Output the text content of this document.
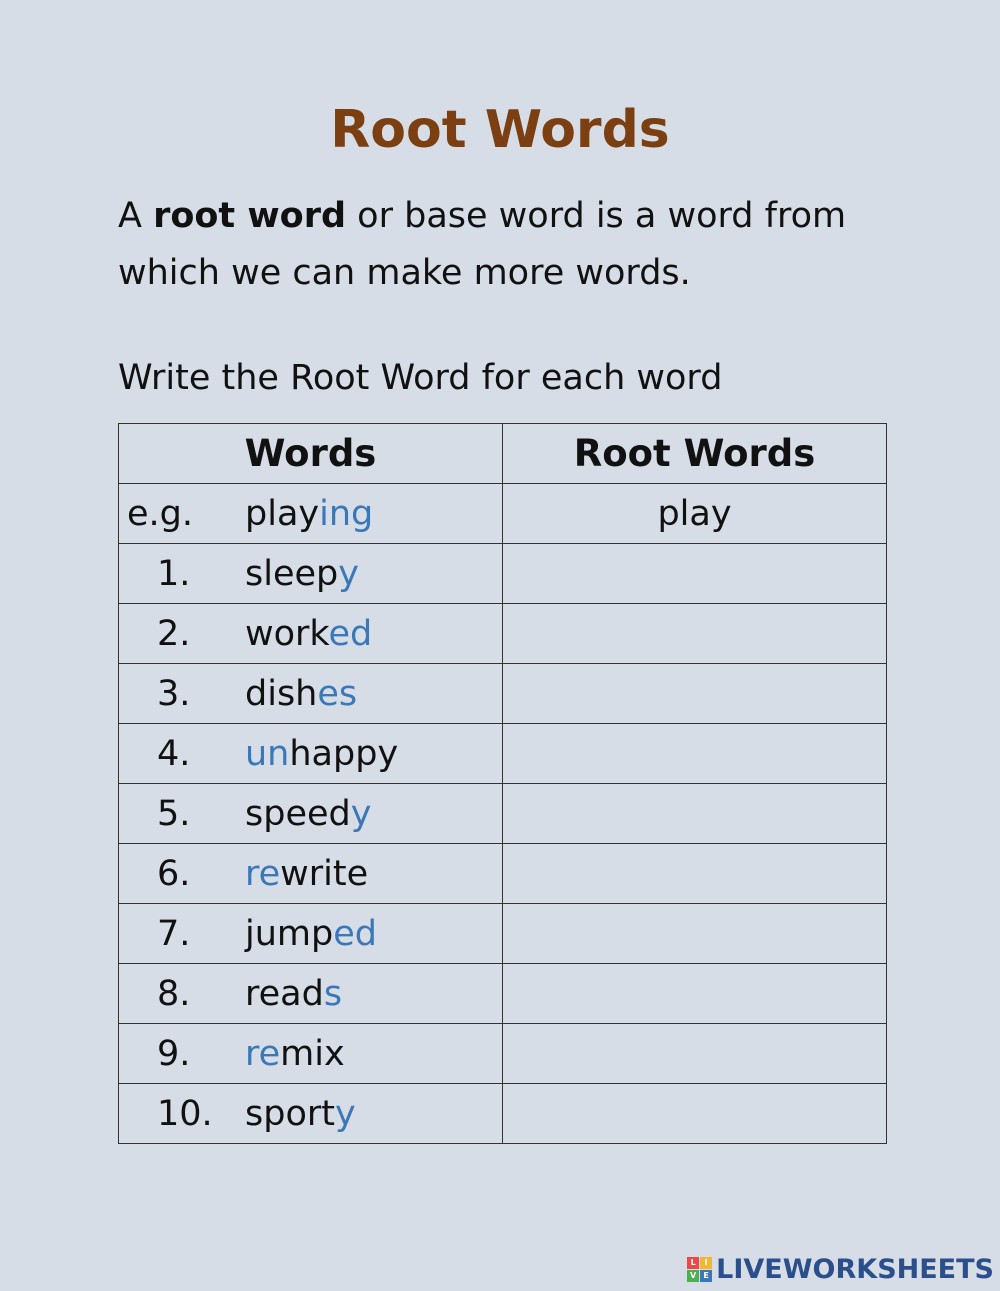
Root Words

A root word or base word is a word from which we can make more words.

Write the Root Word for each word

Words	Root Words

e.g. playing	play

1. sleepy	

2. worked	

3. dishes	

4. unhappy	

5. speedy	

6. rewrite	

7. jumped	

8. reads	

9. remix	

10. sporty	

L	I
V E LIVEWORKSHEETS
